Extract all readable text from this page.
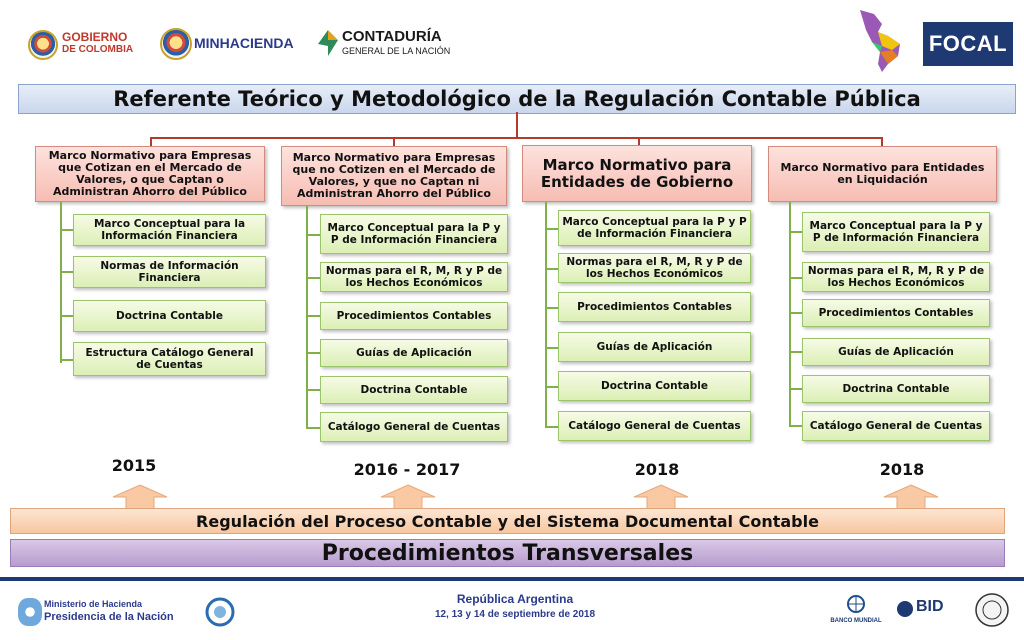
GOBIERNO
DE COLOMBIA	MINHACIENDA	CONTADURÍA
GENERAL DE LA NACIÓN	FOCAL
Referente Teórico y Metodológico de la Regulación Contable Pública
Marco Normativo para Empresas que Cotizan en el Mercado de Valores, o que Captan o Administran Ahorro del Público
Marco Conceptual para la Información Financiera
Normas de Información Financiera
Doctrina Contable
Estructura Catálogo General de Cuentas
Marco Normativo para Empresas que no Cotizen en el Mercado de Valores, y que no Captan ni Administran Ahorro del Público
Marco Conceptual para la P y P de Información Financiera
Normas para el R, M, R y P de los Hechos Económicos
Procedimientos Contables
Guías de Aplicación
Doctrina Contable
Catálogo General de Cuentas
Marco Normativo para Entidades de Gobierno
Marco Conceptual para la P y P de Información Financiera
Normas para el R, M, R y P de los Hechos Económicos
Procedimientos Contables
Guías de Aplicación
Doctrina Contable
Catálogo General de Cuentas
Marco Normativo para Entidades en Liquidación
Marco Conceptual para la P y P de Información Financiera
Normas para el R, M, R y P de los Hechos Económicos
Procedimientos Contables
Guías de Aplicación
Doctrina Contable
Catálogo General de Cuentas
2015	2016 - 2017	2018	2018
Regulación del Proceso Contable y del Sistema Documental Contable
Procedimientos Transversales
Ministerio de Hacienda
Presidencia de la Nación
República Argentina
12, 13 y 14 de septiembre de 2018
BANCO MUNDIAL
BID
